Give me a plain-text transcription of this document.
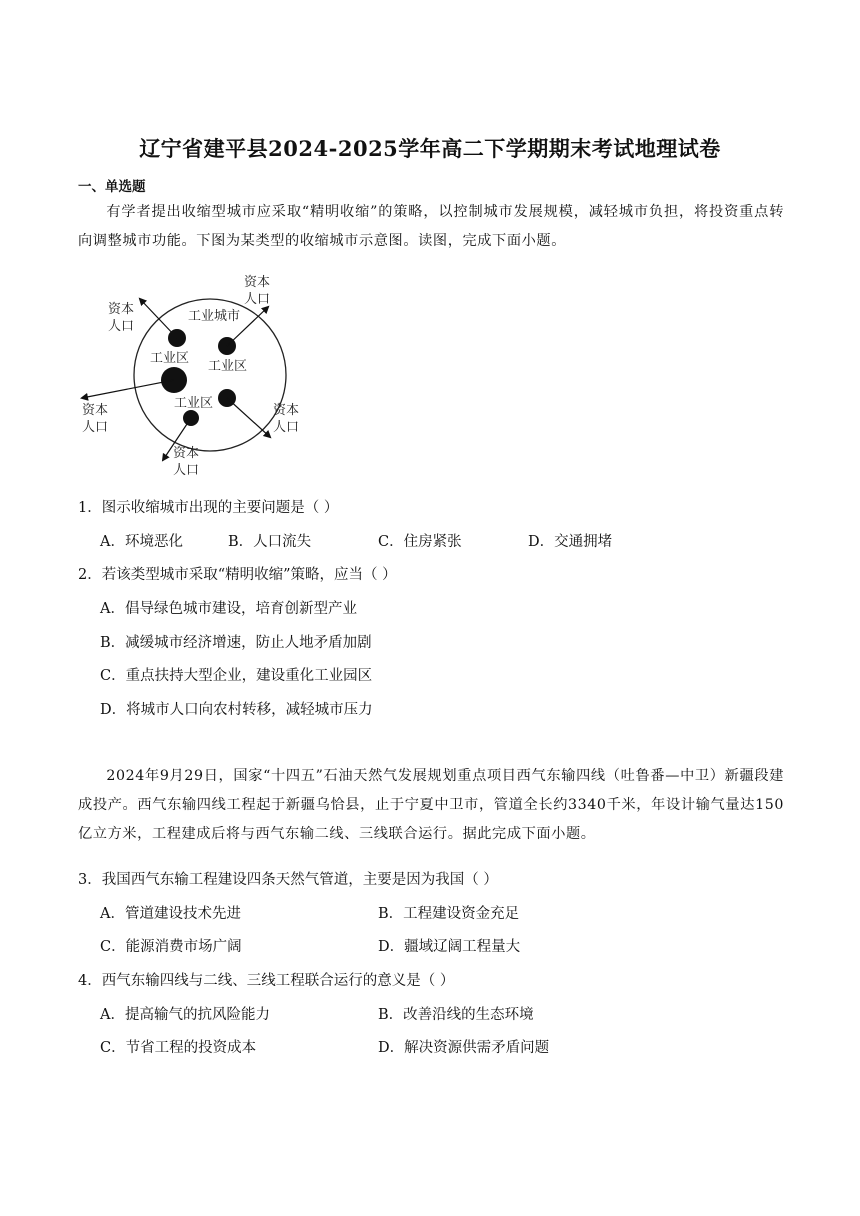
辽宁省建平县2024-2025学年高二下学期期末考试地理试卷
一、单选题
有学者提出收缩型城市应采取“精明收缩”的策略，以控制城市发展规模，减轻城市负担，将投资重点转向调整城市功能。下图为某类型的收缩城市示意图。读图，完成下面小题。
工业城市
工业区
工业区
工业区
资本
人口
资本
人口
资本
人口
资本
人口
资本
人口
1．图示收缩城市出现的主要问题是（ ）
A．环境恶化	B．人口流失	C．住房紧张	D．交通拥堵
2．若该类型城市采取“精明收缩”策略，应当（ ）
A．倡导绿色城市建设，培育创新型产业
B．减缓城市经济增速，防止人地矛盾加剧
C．重点扶持大型企业，建设重化工业园区
D．将城市人口向农村转移，减轻城市压力
2024年9月29日，国家“十四五”石油天然气发展规划重点项目西气东输四线（吐鲁番—中卫）新疆段建成投产。西气东输四线工程起于新疆乌恰县，止于宁夏中卫市，管道全长约3340千米，年设计输气量达150亿立方米，工程建成后将与西气东输二线、三线联合运行。据此完成下面小题。
3．我国西气东输工程建设四条天然气管道，主要是因为我国（ ）
A．管道建设技术先进	B．工程建设资金充足
C．能源消费市场广阔	D．疆域辽阔工程量大
4．西气东输四线与二线、三线工程联合运行的意义是（ ）
A．提高输气的抗风险能力	B．改善沿线的生态环境
C．节省工程的投资成本	D．解决资源供需矛盾问题
